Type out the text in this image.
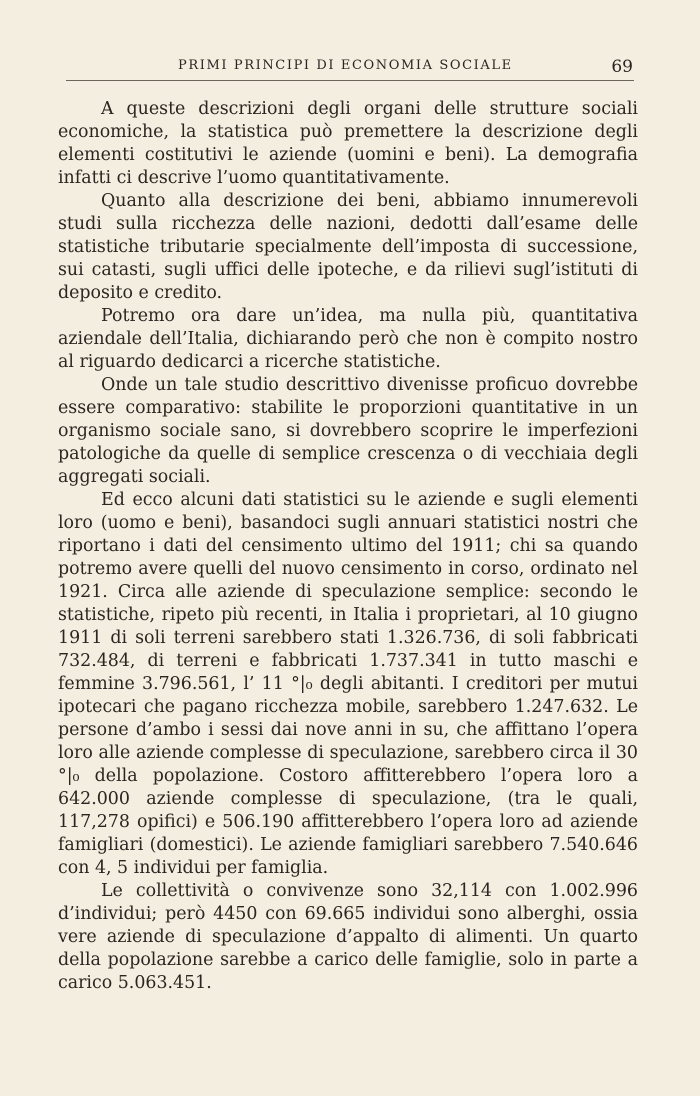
PRIMI PRINCIPI DI ECONOMIA SOCIALE	69

A queste descrizioni degli organi delle strutture sociali economiche, la statistica può premettere la descrizione degli elementi costitutivi le aziende (uomini e beni). La demografia infatti ci descrive l’uomo quantitativamente.

Quanto alla descrizione dei beni, abbiamo innumerevoli studi sulla ricchezza delle nazioni, dedotti dall’esame delle statistiche tributarie specialmente dell’imposta di successione, sui catasti, sugli uffici delle ipoteche, e da rilievi sugl’istituti di deposito e credito.

Potremo ora dare un’idea, ma nulla più, quantitativa aziendale dell’Italia, dichiarando però che non è compito nostro al riguardo dedicarci a ricerche statistiche.

Onde un tale studio descrittivo divenisse proficuo dovrebbe essere comparativo: stabilite le proporzioni quantitative in un organismo sociale sano, si dovrebbero scoprire le imperfezioni patologiche da quelle di semplice crescenza o di vecchiaia degli aggregati sociali.

Ed ecco alcuni dati statistici su le aziende e sugli elementi loro (uomo e beni), basandoci sugli annuari statistici nostri che riportano i dati del censimento ultimo del 1911; chi sa quando potremo avere quelli del nuovo censimento in corso, ordinato nel 1921. Circa alle aziende di speculazione semplice: secondo le statistiche, ripeto più recenti, in Italia i proprietari, al 10 giugno 1911 di soli terreni sarebbero stati 1.326.736, di soli fabbricati 732.484, di terreni e fabbricati 1.737.341 in tutto maschi e femmine 3.796.561, l’ 11 °|₀ degli abitanti. I creditori per mutui ipotecari che pagano ricchezza mobile, sarebbero 1.247.632. Le persone d’ambo i sessi dai nove anni in su, che affittano l’opera loro alle aziende complesse di speculazione, sarebbero circa il 30 °|₀ della popolazione. Costoro affitterebbero l’opera loro a 642.000 aziende complesse di speculazione, (tra le quali, 117,278 opifici) e 506.190 affitterebbero l’opera loro ad aziende famigliari (domestici). Le aziende famigliari sarebbero 7.540.646 con 4, 5 individui per famiglia.

Le collettività o convivenze sono 32,114 con 1.002.996 d’individui; però 4450 con 69.665 individui sono alberghi, ossia vere aziende di speculazione d’appalto di alimenti. Un quarto della popolazione sarebbe a carico delle famiglie, solo in parte a carico 5.063.451.
